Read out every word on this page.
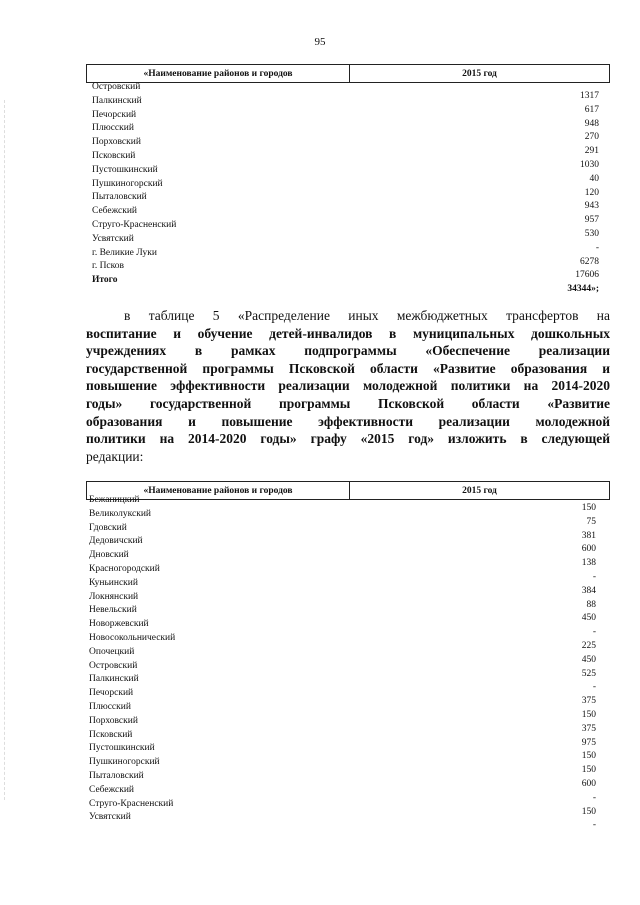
95
«Наименование районов и городов	2015 год
Островский
Палкинский
Печорский
Плюсский
Порховский
Псковский
Пустошкинский
Пушкиногорский
Пыталовский
Себежский
Струго-Красненский
Усвятский
г. Великие Луки
г. Псков
Итого
1317
617
948
270
291
1030
40
120
943
957
530
-
6278
17606
34344»;
в таблице 5 «Распределение иных межбюджетных трансфертов на
воспитание и обучение детей-инвалидов в муниципальных дошкольных
учреждениях в рамках подпрограммы «Обеспечение реализации
государственной программы Псковской области «Развитие образования и
повышение эффективности реализации молодежной политики на 2014-2020
годы» государственной программы Псковской области «Развитие
образования и повышение эффективности реализации молодежной
политики на 2014-2020 годы» графу «2015 год» изложить в следующей
редакции:
«Наименование районов и городов	2015 год
Бежаницкий
Великолукский
Гдовский
Дедовичский
Дновский
Красногородский
Куньинский
Локнянский
Невельский
Новоржевский
Новосокольнический
Опочецкий
Островский
Палкинский
Печорский
Плюсский
Порховский
Псковский
Пустошкинский
Пушкиногорский
Пыталовский
Себежский
Струго-Красненский
Усвятский
150
75
381
600
138
-
384
88
450
-
225
450
525
-
375
150
375
975
150
150
600
-
150
-
